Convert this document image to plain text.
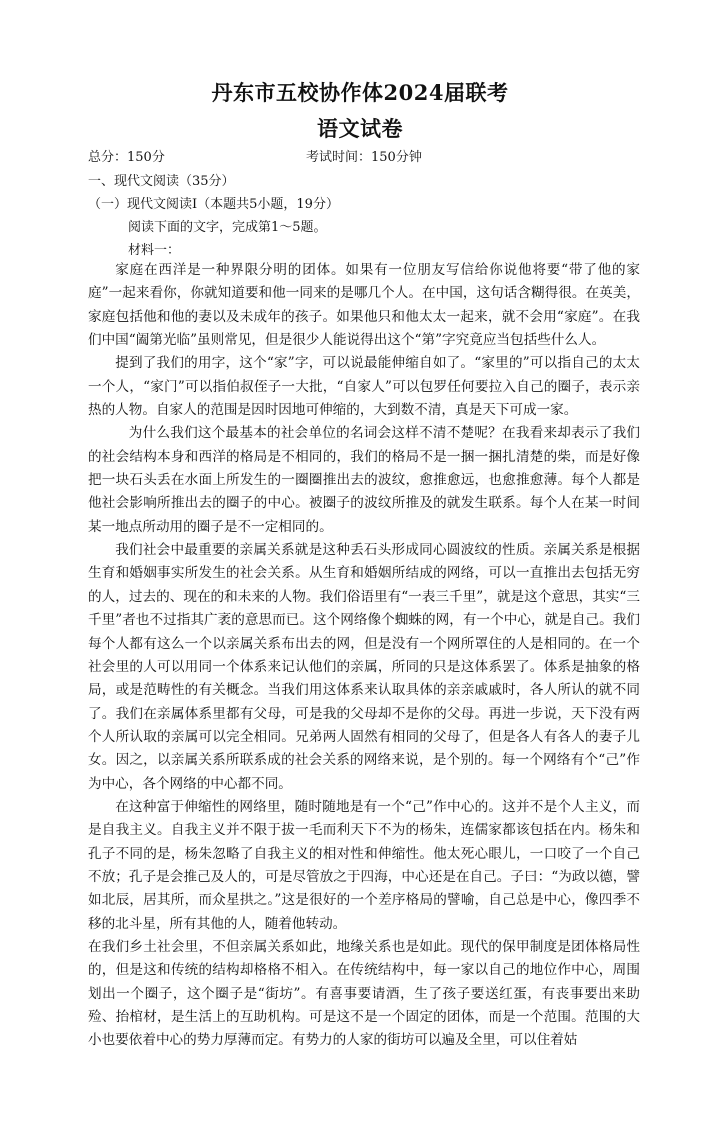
丹东市五校协作体2024届联考
语文试卷
总分：150分	考试时间：150分钟
一、现代文阅读（35分）
（一）现代文阅读Ⅰ（本题共5小题，19分）
阅读下面的文字，完成第1～5题。
材料一：

家庭在西洋是一种界限分明的团体。如果有一位朋友写信给你说他将要“带了他的家庭”一起来看你，你就知道要和他一同来的是哪几个人。在中国，这句话含糊得很。在英美，家庭包括他和他的妻以及未成年的孩子。如果他只和他太太一起来，就不会用“家庭”。在我们中国“阖第光临”虽则常见，但是很少人能说得出这个“第”字究竟应当包括些什么人。

提到了我们的用字，这个“家”字，可以说最能伸缩自如了。“家里的”可以指自己的太太一个人，“家门”可以指伯叔侄子一大批，“自家人”可以包罗任何要拉入自己的圈子，表示亲热的人物。自家人的范围是因时因地可伸缩的，大到数不清，真是天下可成一家。

为什么我们这个最基本的社会单位的名词会这样不清不楚呢？在我看来却表示了我们的社会结构本身和西洋的格局是不相同的，我们的格局不是一捆一捆扎清楚的柴，而是好像把一块石头丢在水面上所发生的一圈圈推出去的波纹，愈推愈远，也愈推愈薄。每个人都是他社会影响所推出去的圈子的中心。被圈子的波纹所推及的就发生联系。每个人在某一时间某一地点所动用的圈子是不一定相同的。

我们社会中最重要的亲属关系就是这种丢石头形成同心圆波纹的性质。亲属关系是根据生育和婚姻事实所发生的社会关系。从生育和婚姻所结成的网络，可以一直推出去包括无穷的人，过去的、现在的和未来的人物。我们俗语里有“一表三千里”，就是这个意思，其实“三千里”者也不过指其广袤的意思而已。这个网络像个蜘蛛的网，有一个中心，就是自己。我们每个人都有这么一个以亲属关系布出去的网，但是没有一个网所罩住的人是相同的。在一个社会里的人可以用同一个体系来记认他们的亲属，所同的只是这体系罢了。体系是抽象的格局，或是范畴性的有关概念。当我们用这体系来认取具体的亲亲戚戚时，各人所认的就不同了。我们在亲属体系里都有父母，可是我的父母却不是你的父母。再进一步说，天下没有两个人所认取的亲属可以完全相同。兄弟两人固然有相同的父母了，但是各人有各人的妻子儿女。因之，以亲属关系所联系成的社会关系的网络来说，是个别的。每一个网络有个“己”作为中心，各个网络的中心都不同。

在这种富于伸缩性的网络里，随时随地是有一个“己”作中心的。这并不是个人主义，而是自我主义。自我主义并不限于拔一毛而利天下不为的杨朱，连儒家都该包括在内。杨朱和孔子不同的是，杨朱忽略了自我主义的相对性和伸缩性。他太死心眼儿，一口咬了一个自己不放；孔子是会推己及人的，可是尽管放之于四海，中心还是在自己。子曰：“为政以德，譬如北辰，居其所，而众星拱之。”这是很好的一个差序格局的譬喻，自己总是中心，像四季不移的北斗星，所有其他的人，随着他转动。

在我们乡土社会里，不但亲属关系如此，地缘关系也是如此。现代的保甲制度是团体格局性的，但是这和传统的结构却格格不相入。在传统结构中，每一家以自己的地位作中心，周围划出一个圈子，这个圈子是“街坊”。有喜事要请酒，生了孩子要送红蛋，有丧事要出来助殓、抬棺材，是生活上的互助机构。可是这不是一个固定的团体，而是一个范围。范围的大小也要依着中心的势力厚薄而定。有势力的人家的街坊可以遍及全里，可以住着姑
